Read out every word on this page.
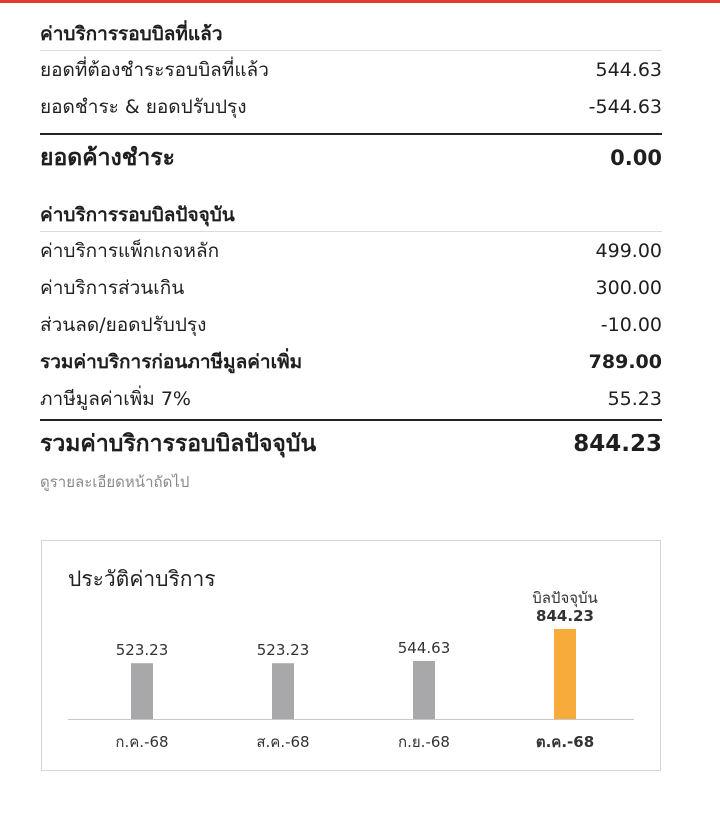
ค่าบริการรอบบิลที่แล้ว
ยอดที่ต้องชำระรอบบิลที่แล้ว	544.63
ยอดชำระ & ยอดปรับปรุง	-544.63
ยอดค้างชำระ	0.00
ค่าบริการรอบบิลปัจจุบัน
ค่าบริการแพ็กเกจหลัก	499.00
ค่าบริการส่วนเกิน	300.00
ส่วนลด/ยอดปรับปรุง	-10.00
รวมค่าบริการก่อนภาษีมูลค่าเพิ่ม	789.00
ภาษีมูลค่าเพิ่ม 7%	55.23
รวมค่าบริการรอบบิลปัจจุบัน	844.23
ดูรายละเอียดหน้าถัดไป
ประวัติค่าบริการ
523.23
ก.ค.-68
523.23
ส.ค.-68
544.63
ก.ย.-68
844.23
บิลปัจจุบัน
ต.ค.-68
